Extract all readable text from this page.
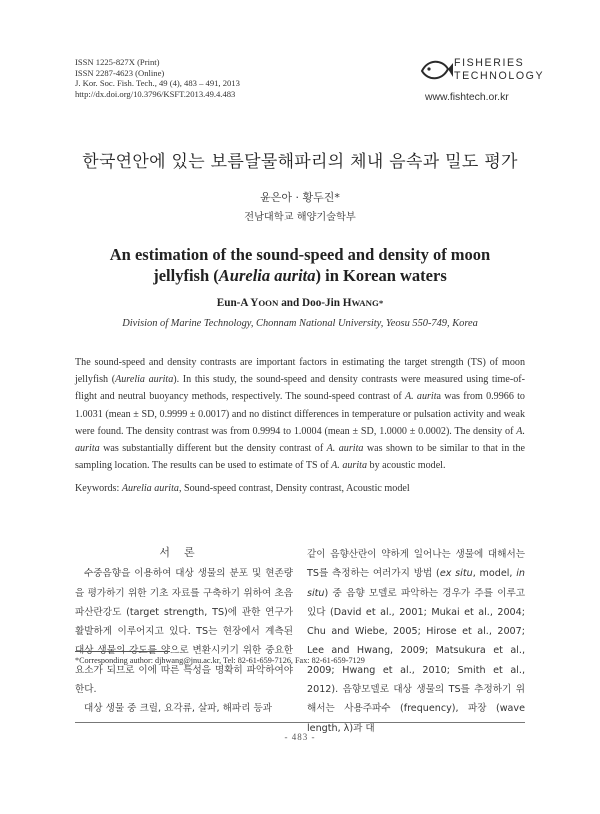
ISSN 1225-827X (Print)
ISSN 2287-4623 (Online)
J. Kor. Soc. Fish. Tech., 49 (4), 483 – 491, 2013
http://dx.doi.org/10.3796/KSFT.2013.49.4.483
FISHERIES
TECHNOLOGY
www.fishtech.or.kr
한국연안에 있는 보름달물해파리의 체내 음속과 밀도 평가
윤은아 · 황두진*
전남대학교 해양기술학부
An estimation of the sound-speed and density of moon
jellyfish (Aurelia aurita) in Korean waters
Eun-A YOON and Doo-Jin HWANG*
Division of Marine Technology, Chonnam National University, Yeosu 550-749, Korea
The sound-speed and density contrasts are important factors in estimating the target strength (TS) of moon jellyfish (Aurelia aurita). In this study, the sound-speed and density contrasts were measured using time-of-flight and neutral buoyancy methods, respectively. The sound-speed contrast of A. aurita was from 0.9966 to 1.0031 (mean ± SD, 0.9999 ± 0.0017) and no distinct differences in temperature or pulsation activity and weak were found. The density contrast was from 0.9994 to 1.0004 (mean ± SD, 1.0000 ± 0.0002). The density of A. aurita was substantially different but the density contrast of A. aurita was shown to be similar to that in the sampling location. The results can be used to estimate of TS of A. aurita by acoustic model.
Keywords: Aurelia aurita, Sound-speed contrast, Density contrast, Acoustic model
서론

수중음향을 이용하여 대상 생물의 분포 및 현존량을 평가하기 위한 기초 자료를 구축하기 위하여 초음파산란강도 (target strength, TS)에 관한 연구가 활발하게 이루어지고 있다. TS는 현장에서 계측된 대상 생물의 강도를 양으로 변환시키기 위한 중요한 요소가 되므로 이에 따른 특성을 명확히 파악하여야 한다.

대상 생물 중 크릴, 요각류, 살파, 해파리 등과

같이 음향산란이 약하게 일어나는 생물에 대해서는 TS를 측정하는 여러가지 방법 (ex situ, model, in situ) 중 음향 모델로 파악하는 경우가 주를 이루고 있다 (David et al., 2001; Mukai et al., 2004; Chu and Wiebe, 2005; Hirose et al., 2007; Lee and Hwang, 2009; Matsukura et al., 2009; Hwang et al., 2010; Smith et al., 2012). 음향모델로 대상 생물의 TS를 추정하기 위해서는 사용주파수 (frequency), 파장 (wave length, λ)과 대

*Corresponding author: djhwang@jnu.ac.kr, Tel: 82-61-659-7126, Fax: 82-61-659-7129
- 483 -
